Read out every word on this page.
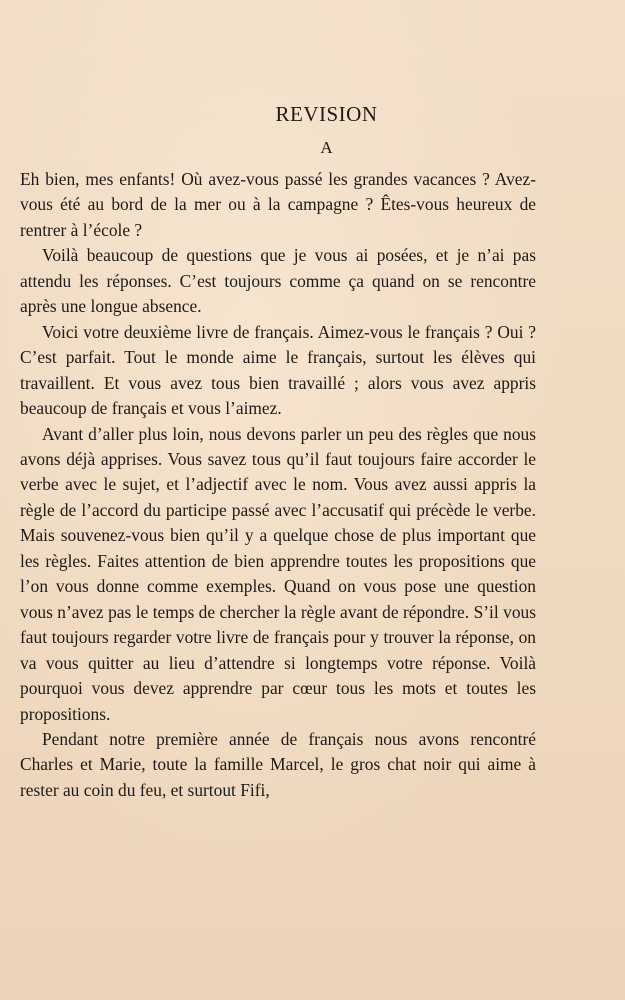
REVISION
A

Eh bien, mes enfants! Où avez-vous passé les grandes vacances ? Avez-vous été au bord de la mer ou à la campagne ? Êtes-vous heureux de rentrer à l’école ?

Voilà beaucoup de questions que je vous ai posées, et je n’ai pas attendu les réponses. C’est toujours comme ça quand on se rencontre après une longue absence.

Voici votre deuxième livre de français. Aimez-vous le français ? Oui ? C’est parfait. Tout le monde aime le français, surtout les élèves qui travaillent. Et vous avez tous bien travaillé ; alors vous avez appris beaucoup de français et vous l’aimez.

Avant d’aller plus loin, nous devons parler un peu des règles que nous avons déjà apprises. Vous savez tous qu’il faut toujours faire accorder le verbe avec le sujet, et l’adjectif avec le nom. Vous avez aussi appris la règle de l’accord du participe passé avec l’accusatif qui précède le verbe. Mais souvenez-vous bien qu’il y a quelque chose de plus important que les règles. Faites attention de bien apprendre toutes les propositions que l’on vous donne comme exemples. Quand on vous pose une question vous n’avez pas le temps de chercher la règle avant de répondre. S’il vous faut toujours regarder votre livre de français pour y trouver la réponse, on va vous quitter au lieu d’attendre si longtemps votre réponse. Voilà pourquoi vous devez apprendre par cœur tous les mots et toutes les propositions.

Pendant notre première année de français nous avons rencontré Charles et Marie, toute la famille Marcel, le gros chat noir qui aime à rester au coin du feu, et surtout Fifi,
